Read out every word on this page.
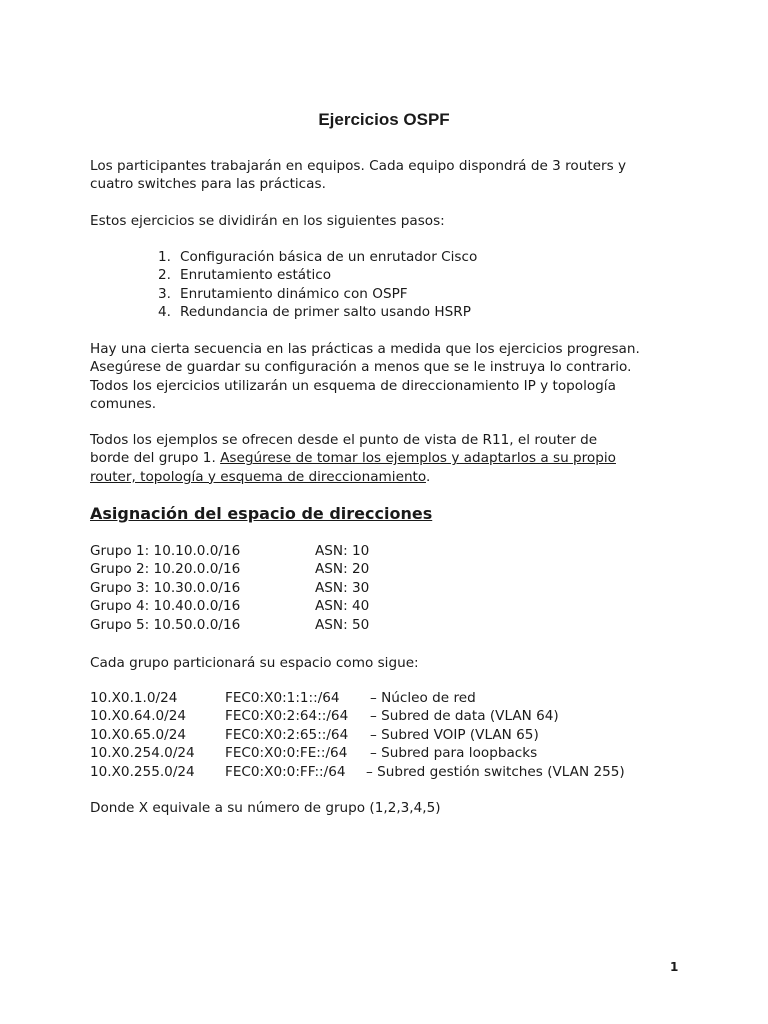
Ejercicios OSPF

Los participantes trabajarán en equipos. Cada equipo dispondrá de 3 routers y

cuatro switches para las prácticas.

Estos ejercicios se dividirán en los siguientes pasos:

1. Configuración básica de un enrutador Cisco
2. Enrutamiento estático
3. Enrutamiento dinámico con OSPF
4. Redundancia de primer salto usando HSRP

Hay una cierta secuencia en las prácticas a medida que los ejercicios progresan.

Asegúrese de guardar su configuración a menos que se le instruya lo contrario.

Todos los ejercicios utilizarán un esquema de direccionamiento IP y topología

comunes.

Todos los ejemplos se ofrecen desde el punto de vista de R11, el router de

borde del grupo 1. Asegúrese de tomar los ejemplos y adaptarlos a su propio

router, topología y esquema de direccionamiento.

Asignación del espacio de direcciones
Grupo 1: 10.10.0.0/16	ASN: 10
Grupo 2: 10.20.0.0/16	ASN: 20
Grupo 3: 10.30.0.0/16	ASN: 30
Grupo 4: 10.40.0.0/16	ASN: 40
Grupo 5: 10.50.0.0/16	ASN: 50

Cada grupo particionará su espacio como sigue:

10.X0.1.0/24	FEC0:X0:1:1::/64 – Núcleo de red
10.X0.64.0/24	FEC0:X0:2:64::/64 – Subred de data (VLAN 64)
10.X0.65.0/24	FEC0:X0:2:65::/64 – Subred VOIP (VLAN 65)
10.X0.254.0/24 FEC0:X0:0:FE::/64 – Subred para loopbacks
10.X0.255.0/24 FEC0:X0:0:FF::/64 – Subred gestión switches (VLAN 255)

Donde X equivale a su número de grupo (1,2,3,4,5)

1
